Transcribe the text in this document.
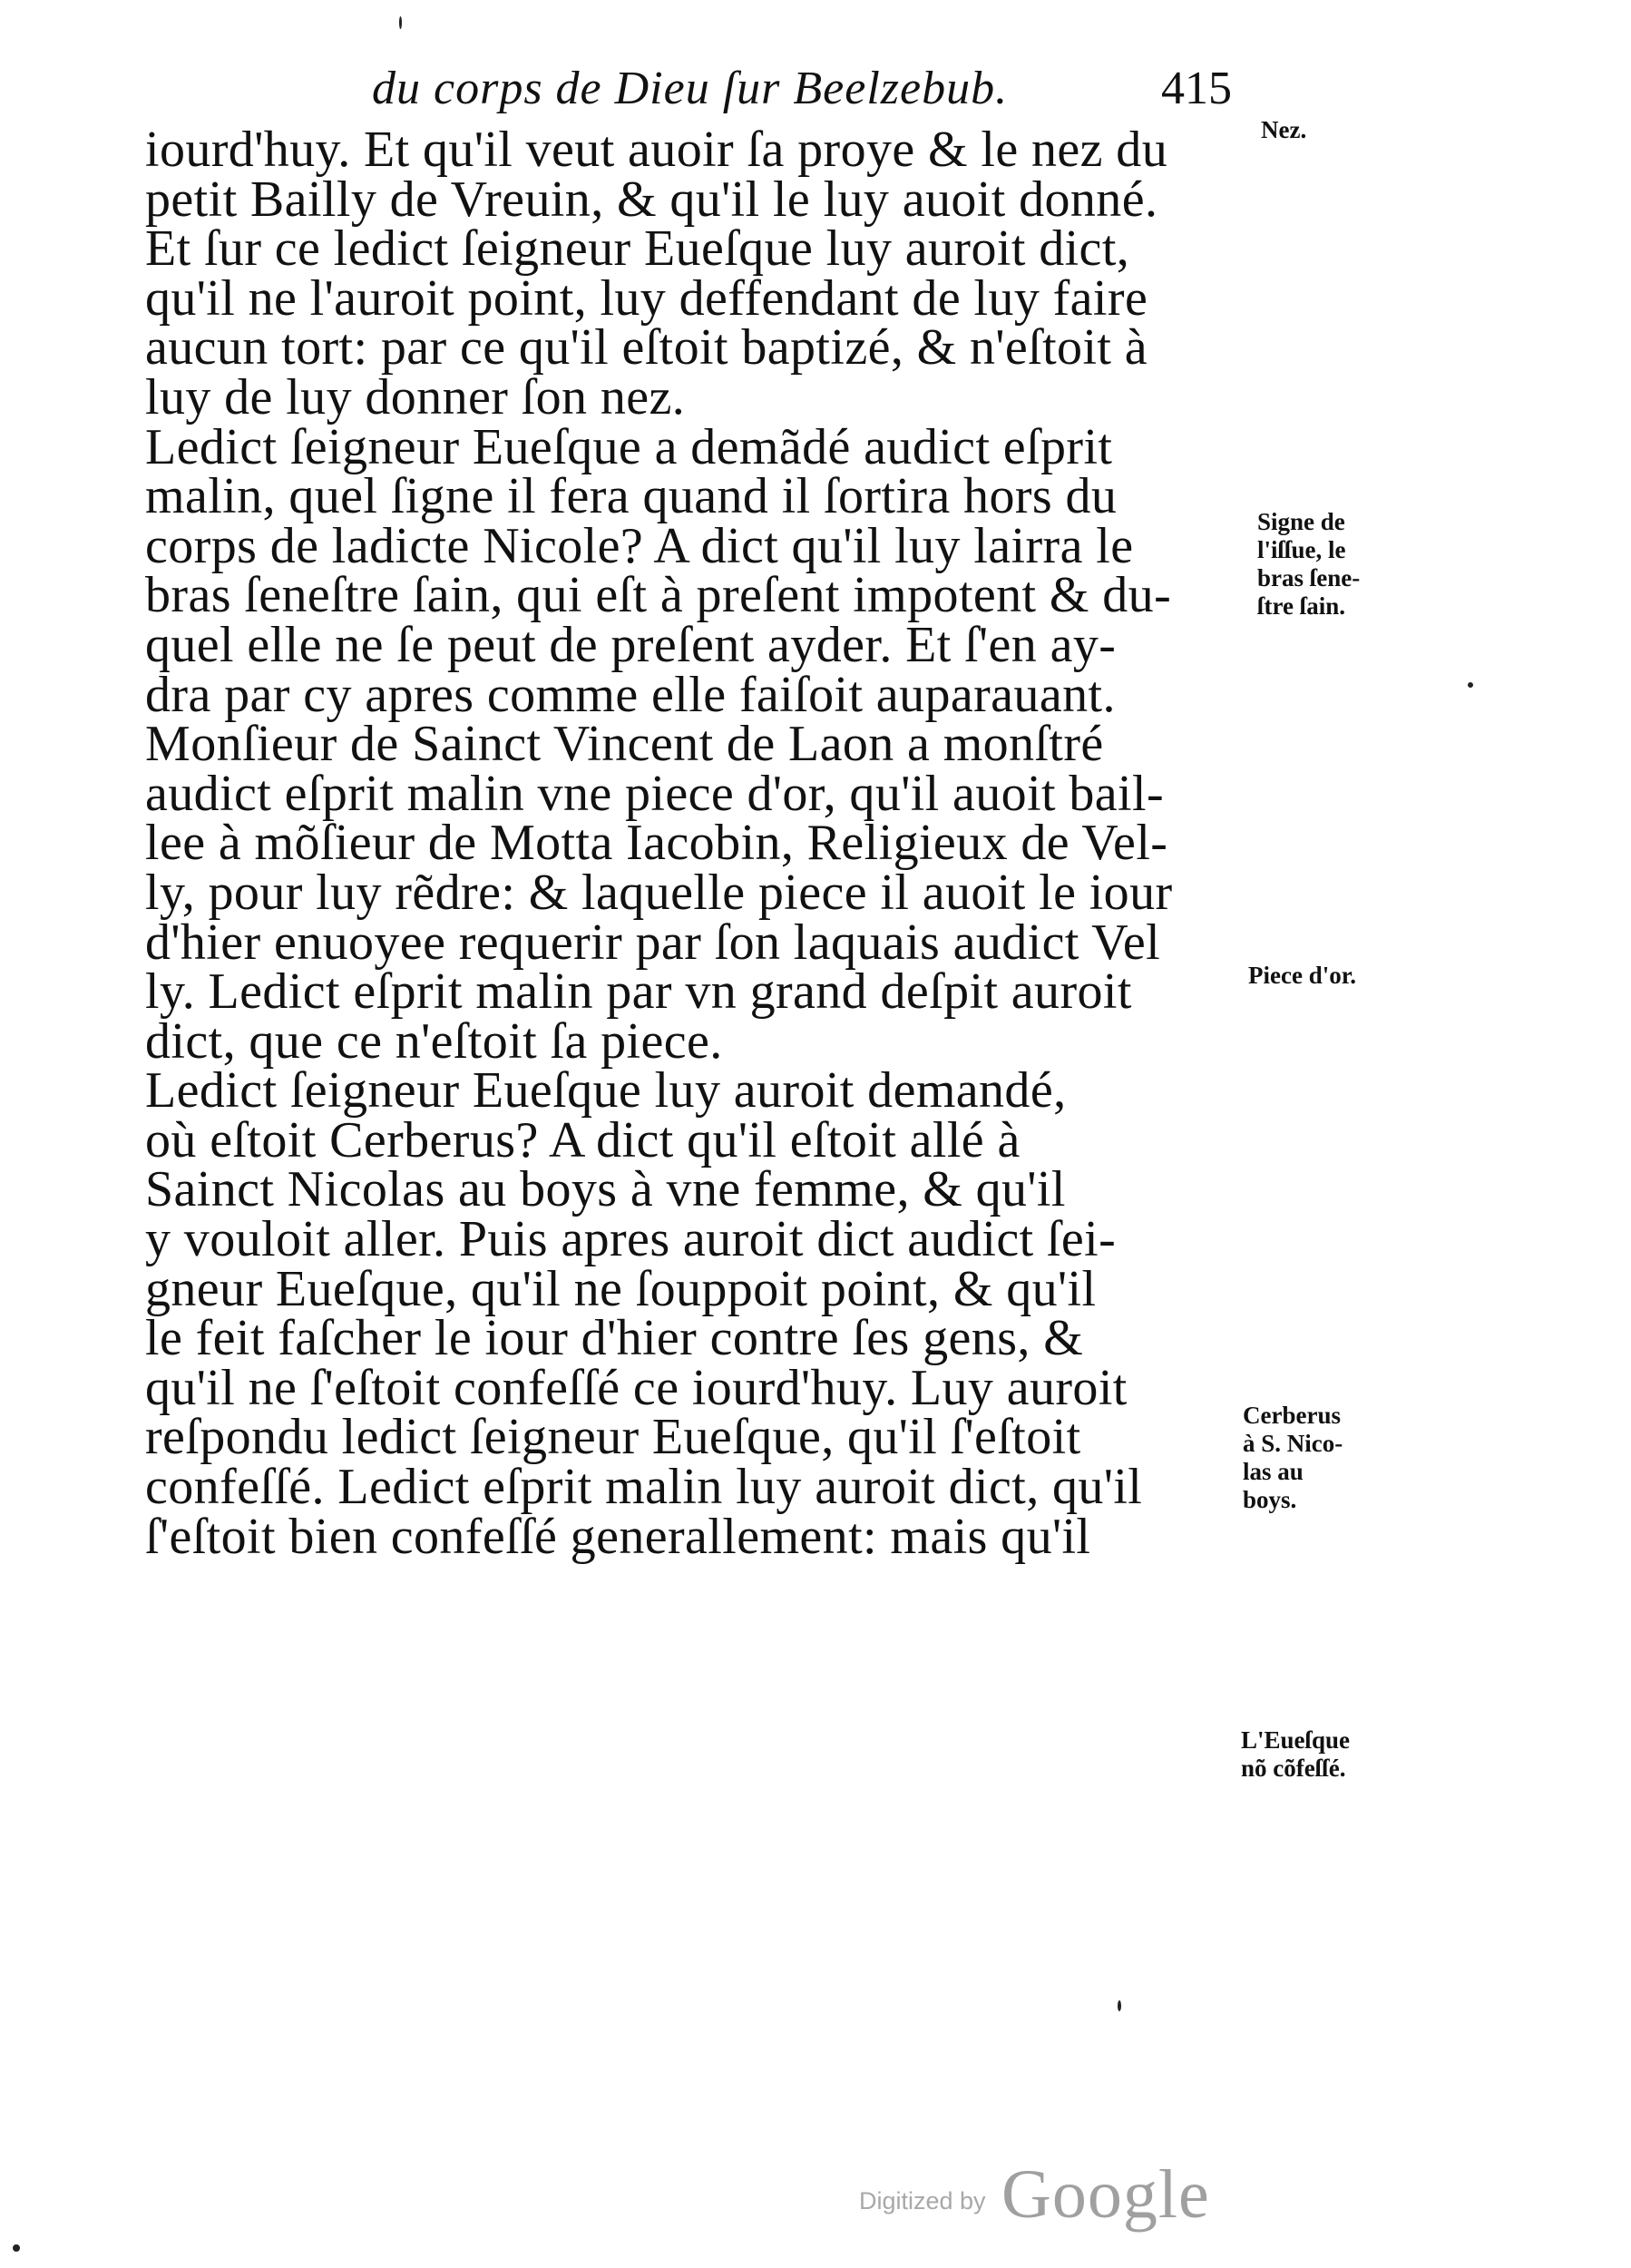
du corps de Dieu ſur Beelzebub.	415
iourd'huy. Et qu'il veut auoir ſa proye & le nez du
petit Bailly de Vreuin, & qu'il le luy auoit donné.
Et ſur ce ledict ſeigneur Eueſque luy auroit dict,
qu'il ne l'auroit point, luy deffendant de luy faire
aucun tort: par ce qu'il eſtoit baptizé, & n'eſtoit à
luy de luy donner ſon nez.
Ledict ſeigneur Eueſque a demãdé audict eſprit
malin, quel ſigne il fera quand il ſortira hors du
corps de ladicte Nicole? A dict qu'il luy lairra le
bras ſeneſtre ſain, qui eſt à preſent impotent & du-
quel elle ne ſe peut de preſent ayder. Et ſ'en ay-
dra par cy apres comme elle faiſoit auparauant.
Monſieur de Sainct Vincent de Laon a monſtré
audict eſprit malin vne piece d'or, qu'il auoit bail-
lee à mõſieur de Motta Iacobin, Religieux de Vel-
ly, pour luy rẽdre: & laquelle piece il auoit le iour
d'hier enuoyee requerir par ſon laquais audict Vel
ly. Ledict eſprit malin par vn grand deſpit auroit
dict, que ce n'eſtoit ſa piece.
Ledict ſeigneur Eueſque luy auroit demandé,
où eſtoit Cerberus? A dict qu'il eſtoit allé à
Sainct Nicolas au boys à vne femme, & qu'il
y vouloit aller. Puis apres auroit dict audict ſei-
gneur Eueſque, qu'il ne ſouppoit point, & qu'il
le feit faſcher le iour d'hier contre ſes gens, &
qu'il ne ſ'eſtoit confeſſé ce iourd'huy. Luy auroit
reſpondu ledict ſeigneur Eueſque, qu'il ſ'eſtoit
confeſſé. Ledict eſprit malin luy auroit dict, qu'il
ſ'eſtoit bien confeſſé generallement: mais qu'il
Nez.
Signe de
l'iſſue, le
bras ſene-
ſtre ſain.
Piece d'or.
Cerberus
à S. Nico-
las au
boys.
L'Eueſque
nõ cõfeſſé.
Digitized by Google
